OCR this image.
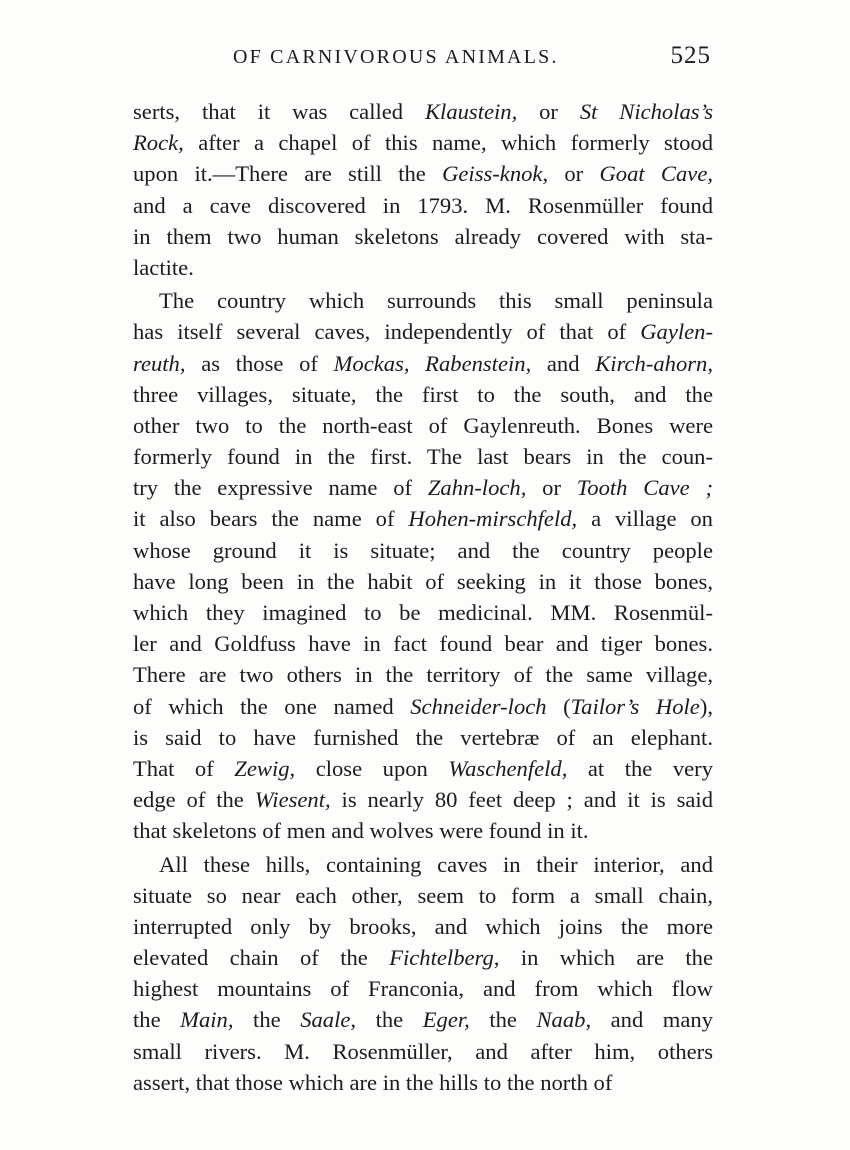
OF CARNIVOROUS ANIMALS.	525
serts, that it was called Klaustein, or St Nicholas’s
Rock, after a chapel of this name, which formerly stood
upon it.—There are still the Geiss-knok, or Goat Cave,
and a cave discovered in 1793. M. Rosenmüller found
in them two human skeletons already covered with sta-
lactite.
The country which surrounds this small peninsula
has itself several caves, independently of that of Gaylen-
reuth, as those of Mockas, Rabenstein, and Kirch-ahorn,
three villages, situate, the first to the south, and the
other two to the north-east of Gaylenreuth. Bones were
formerly found in the first. The last bears in the coun-
try the expressive name of Zahn-loch, or Tooth Cave ;
it also bears the name of Hohen-mirschfeld, a village on
whose ground it is situate; and the country people
have long been in the habit of seeking in it those bones,
which they imagined to be medicinal. MM. Rosenmül-
ler and Goldfuss have in fact found bear and tiger bones.
There are two others in the territory of the same village,
of which the one named Schneider-loch (Tailor’s Hole),
is said to have furnished the vertebræ of an elephant.
That of Zewig, close upon Waschenfeld, at the very
edge of the Wiesent, is nearly 80 feet deep ; and it is said
that skeletons of men and wolves were found in it.
All these hills, containing caves in their interior, and
situate so near each other, seem to form a small chain,
interrupted only by brooks, and which joins the more
elevated chain of the Fichtelberg, in which are the
highest mountains of Franconia, and from which flow
the Main, the Saale, the Eger, the Naab, and many
small rivers. M. Rosenmüller, and after him, others
assert, that those which are in the hills to the north of
